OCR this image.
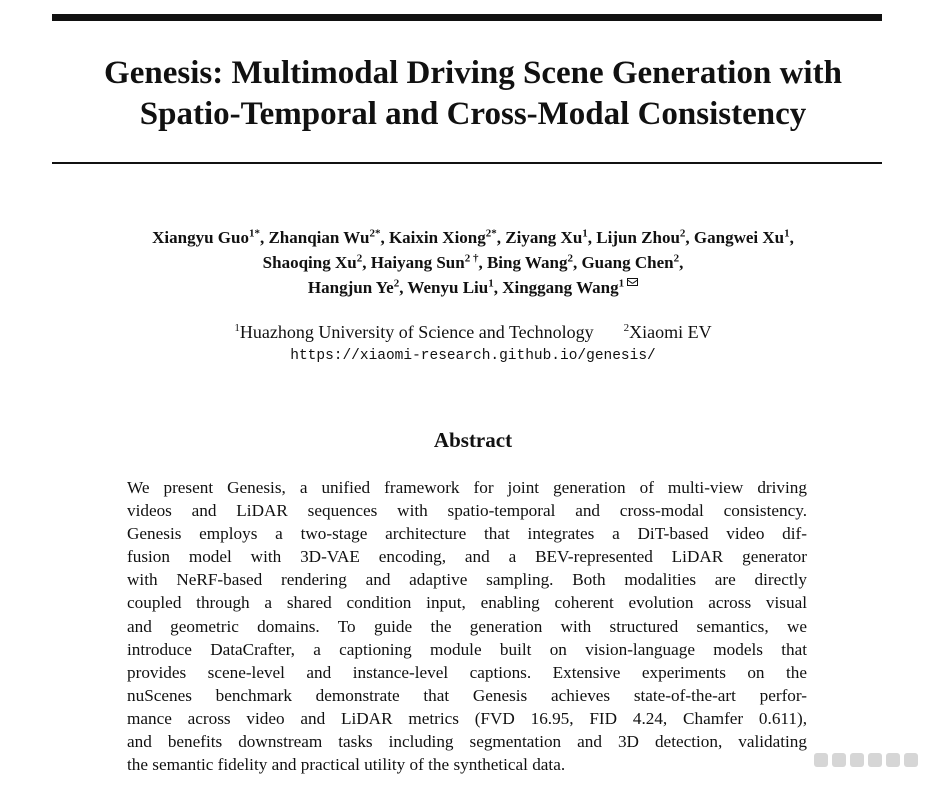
Genesis: Multimodal Driving Scene Generation with
Spatio-Temporal and Cross-Modal Consistency
Xiangyu Guo$^{1*}$, Zhanqian $Wu^{2*}$, Kaixin Xiong$^{2*}$, Ziyang Xu$^1$, Lijun Zhou$^2$, Gangwei Xu$^1$,
Shaoqing Xu$^2$, Haiyang Sun$^{2 \dagger}$, Bing Wang$^2$, Guang Chen$^2$,
Hangjun Ye$^2$, Wenyu Liu$^1$, Xinggang Wang$^1$
$^1$Huazhong University of Science and Technology	$^2$Xiaomi EV
https://xiaomi-research.github.io/genesis/
Abstract
We present Genesis, a unified framework for joint generation of multi-view driving
videos and LiDAR sequences with spatio-temporal and cross-modal consistency.
Genesis employs a two-stage architecture that integrates a DiT-based video dif-
fusion model with 3D-VAE encoding, and a BEV-represented LiDAR generator
with NeRF-based rendering and adaptive sampling. Both modalities are directly
coupled through a shared condition input, enabling coherent evolution across visual
and geometric domains. To guide the generation with structured semantics, we
introduce DataCrafter, a captioning module built on vision-language models that
provides scene-level and instance-level captions. Extensive experiments on the
nuScenes benchmark demonstrate that Genesis achieves state-of-the-art perfor-
mance across video and LiDAR metrics (FVD 16.95, FID 4.24, Chamfer 0.611),
and benefits downstream tasks including segmentation and 3D detection, validating
the semantic fidelity and practical utility of the synthetical data.
